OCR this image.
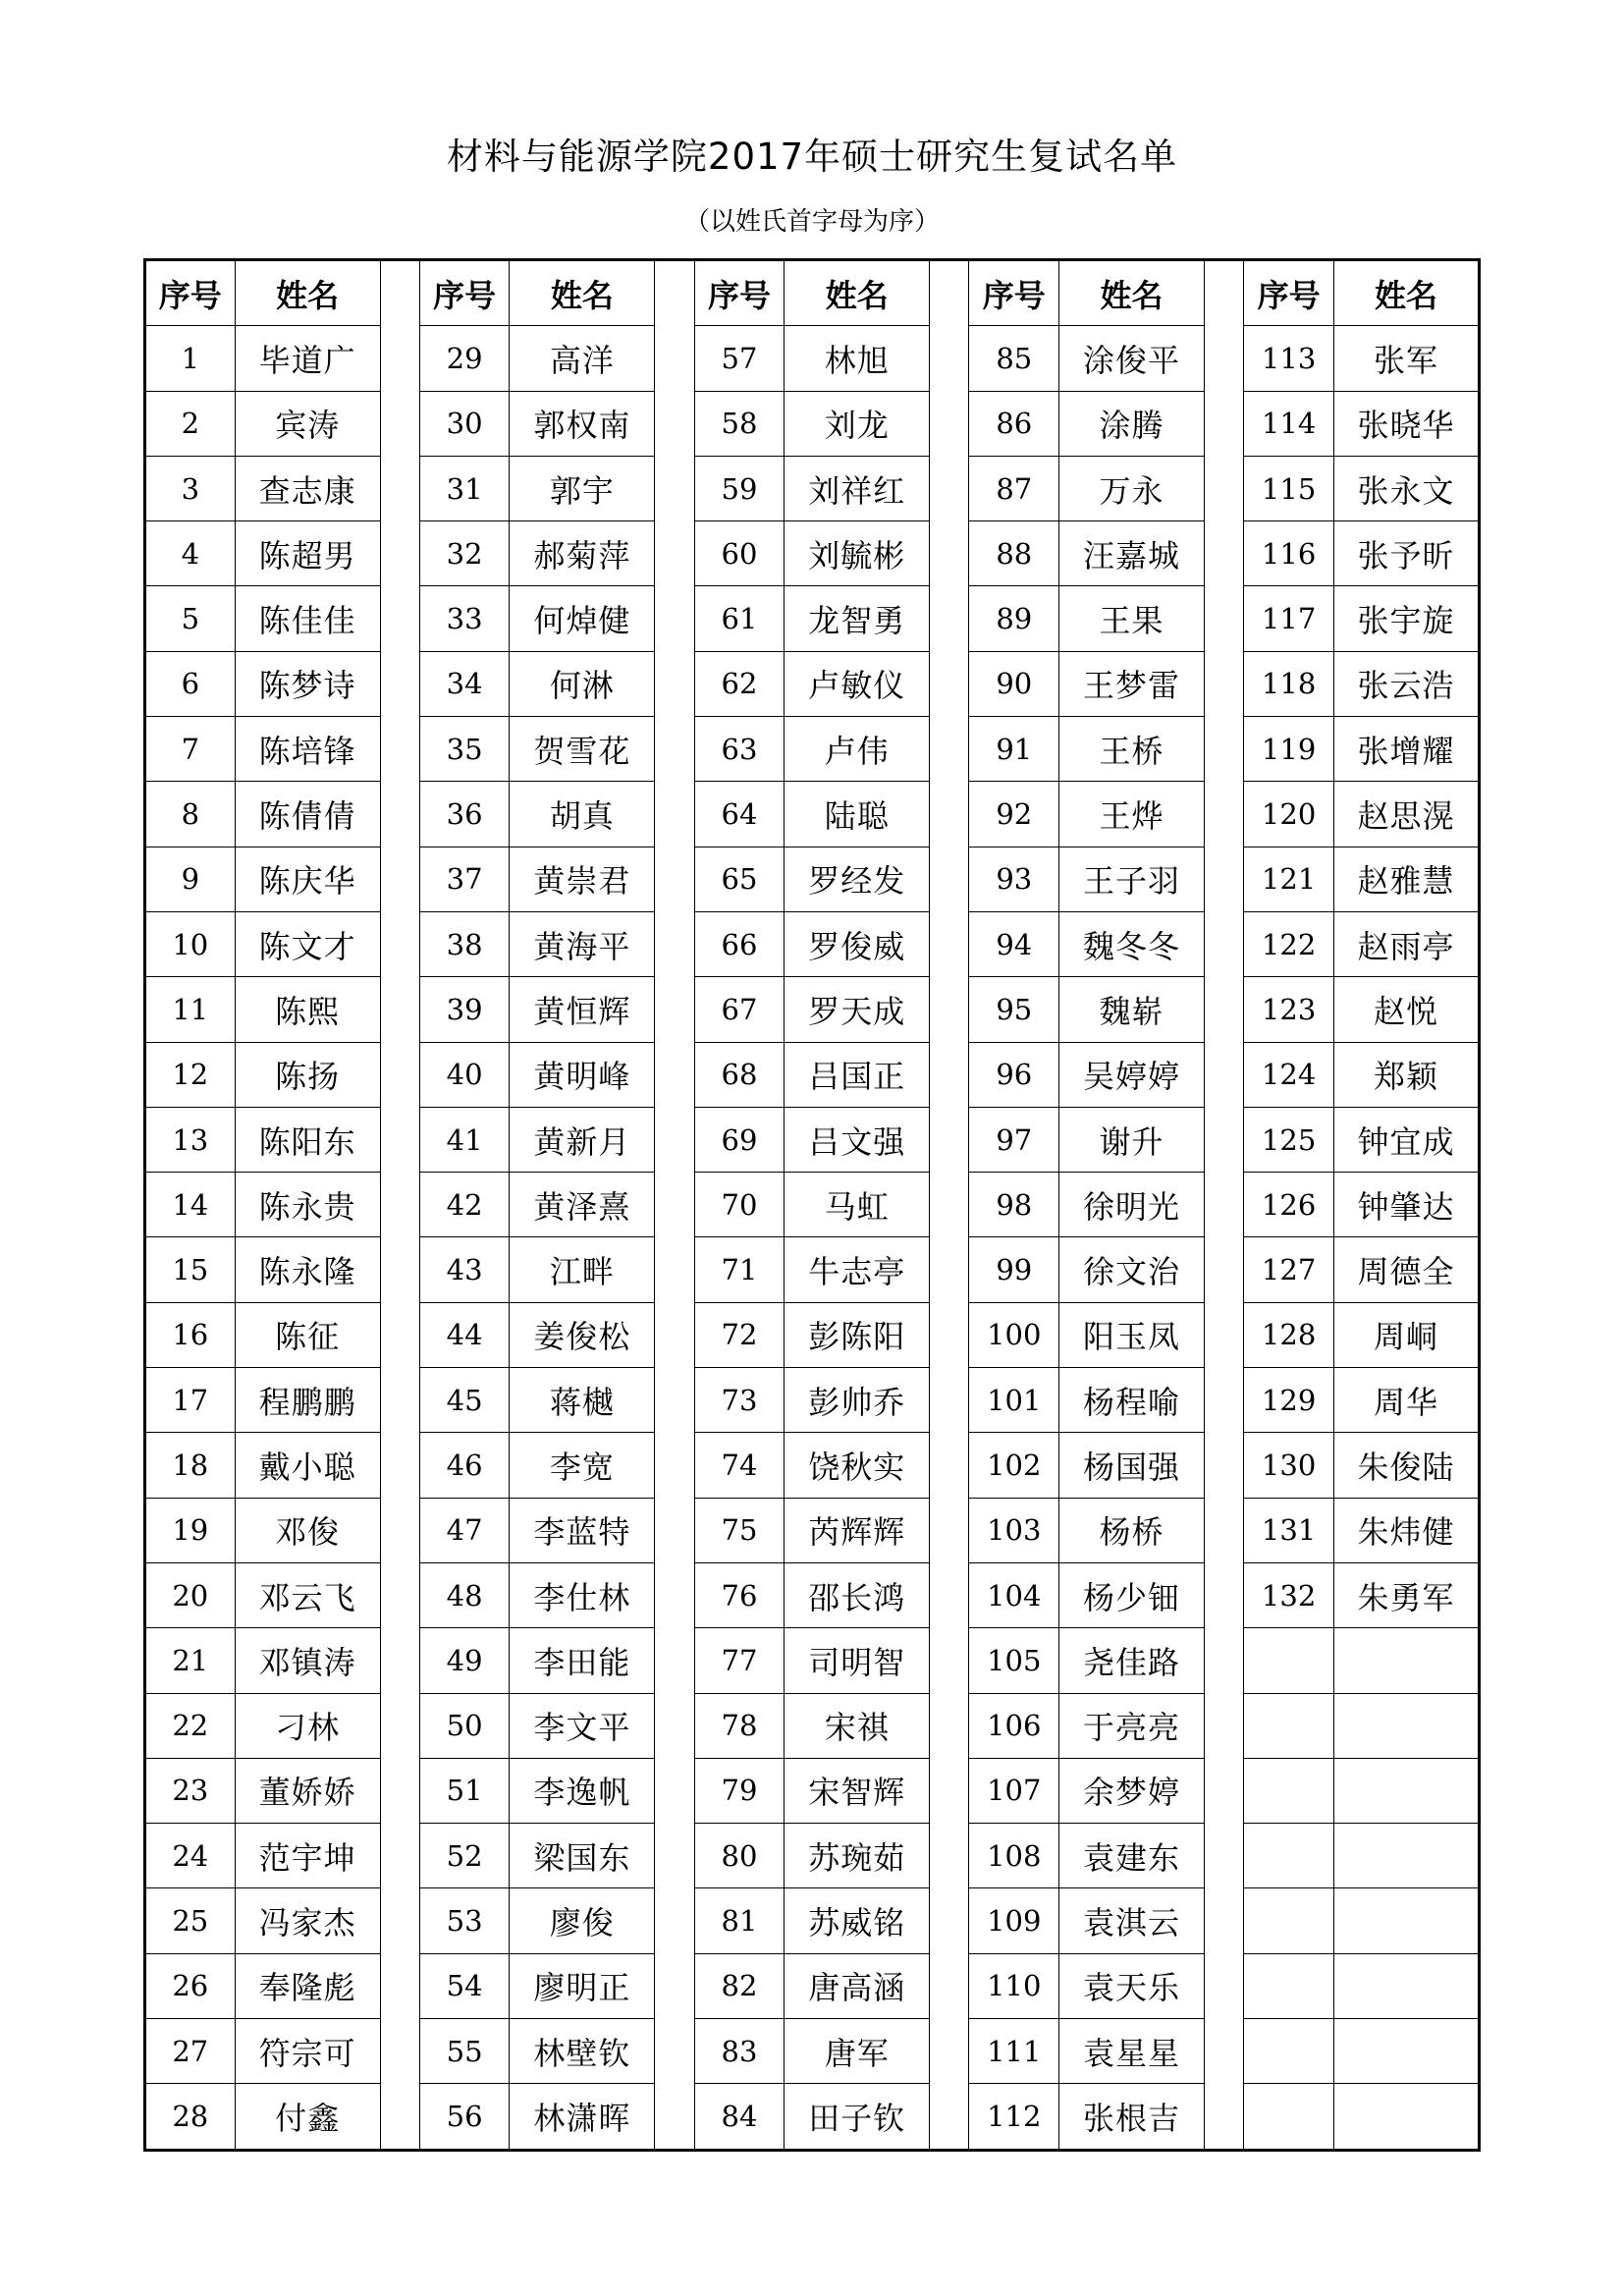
材料与能源学院2017年硕士研究生复试名单
（以姓氏首字母为序）
序号	姓名		序号	姓名		序号	姓名		序号	姓名		序号	姓名
1	毕道广		29	高洋		57	林旭		85	涂俊平		113	张军
2	宾涛		30	郭权南		58	刘龙		86	涂腾		114	张晓华
3	查志康		31	郭宇		59	刘祥红		87	万永		115	张永文
4	陈超男		32	郝菊萍		60	刘毓彬		88	汪嘉城		116	张予昕
5	陈佳佳		33	何焯健		61	龙智勇		89	王果		117	张宇旋
6	陈梦诗		34	何淋		62	卢敏仪		90	王梦雷		118	张云浩
7	陈培锋		35	贺雪花		63	卢伟		91	王桥		119	张增耀
8	陈倩倩		36	胡真		64	陆聪		92	王烨		120	赵思滉
9	陈庆华		37	黄崇君		65	罗经发		93	王子羽		121	赵雅慧
10	陈文才		38	黄海平		66	罗俊威		94	魏冬冬		122	赵雨亭
11	陈熙		39	黄恒辉		67	罗天成		95	魏崭		123	赵悦
12	陈扬		40	黄明峰		68	吕国正		96	吴婷婷		124	郑颖
13	陈阳东		41	黄新月		69	吕文强		97	谢升		125	钟宜成
14	陈永贵		42	黄泽熹		70	马虹		98	徐明光		126	钟肇达
15	陈永隆		43	江畔		71	牛志亭		99	徐文治		127	周德全
16	陈征		44	姜俊松		72	彭陈阳		100	阳玉凤		128	周峒
17	程鹏鹏		45	蒋樾		73	彭帅乔		101	杨程喻		129	周华
18	戴小聪		46	李宽		74	饶秋实		102	杨国强		130	朱俊陆
19	邓俊		47	李蓝特		75	芮辉辉		103	杨桥		131	朱炜健
20	邓云飞		48	李仕林		76	邵长鸿		104	杨少钿		132	朱勇军
21	邓镇涛		49	李田能		77	司明智		105	尧佳路			
22	刁林		50	李文平		78	宋祺		106	于亮亮			
23	董娇娇		51	李逸帆		79	宋智辉		107	余梦婷			
24	范宇坤		52	梁国东		80	苏琬茹		108	袁建东			
25	冯家杰		53	廖俊		81	苏威铭		109	袁淇云			
26	奉隆彪		54	廖明正		82	唐高涵		110	袁天乐			
27	符宗可		55	林壁钦		83	唐军		111	袁星星			
28	付鑫		56	林潇晖		84	田子钦		112	张根吉			
